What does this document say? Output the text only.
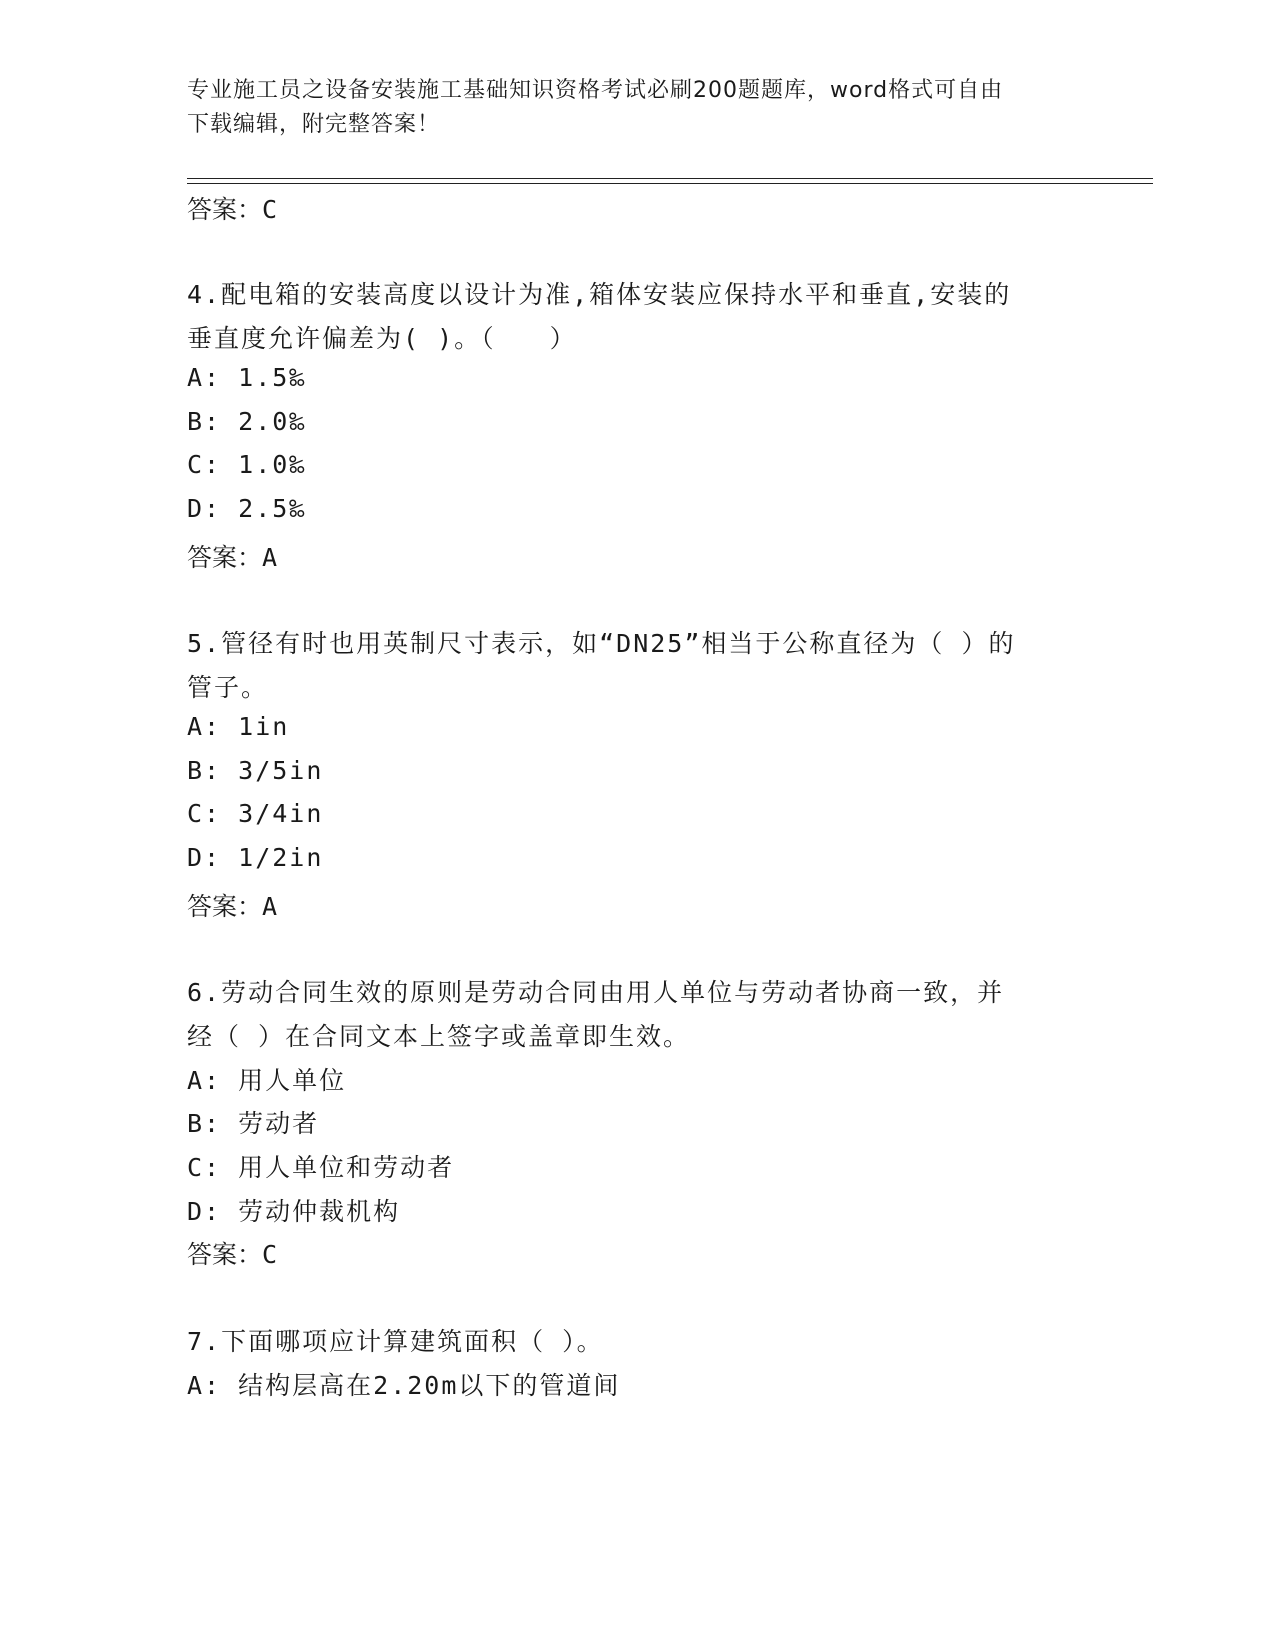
专业施工员之设备安装施工基础知识资格考试必刷200题题库，word格式可自由
下载编辑，附完整答案！
答案：C
4.配电箱的安装高度以设计为准,箱体安装应保持水平和垂直,安装的
垂直度允许偏差为( )。（　　）
A: 1.5‰
B: 2.0‰
C: 1.0‰
D: 2.5‰
答案：A
5.管径有时也用英制尺寸表示，如“DN25”相当于公称直径为（ ）的
管子。
A: 1in
B: 3/5in
C: 3/4in
D: 1/2in
答案：A
6.劳动合同生效的原则是劳动合同由用人单位与劳动者协商一致，并
经（ ）在合同文本上签字或盖章即生效。
A: 用人单位
B: 劳动者
C: 用人单位和劳动者
D: 劳动仲裁机构
答案：C
7.下面哪项应计算建筑面积（ ）。
A: 结构层高在2.20m以下的管道间
